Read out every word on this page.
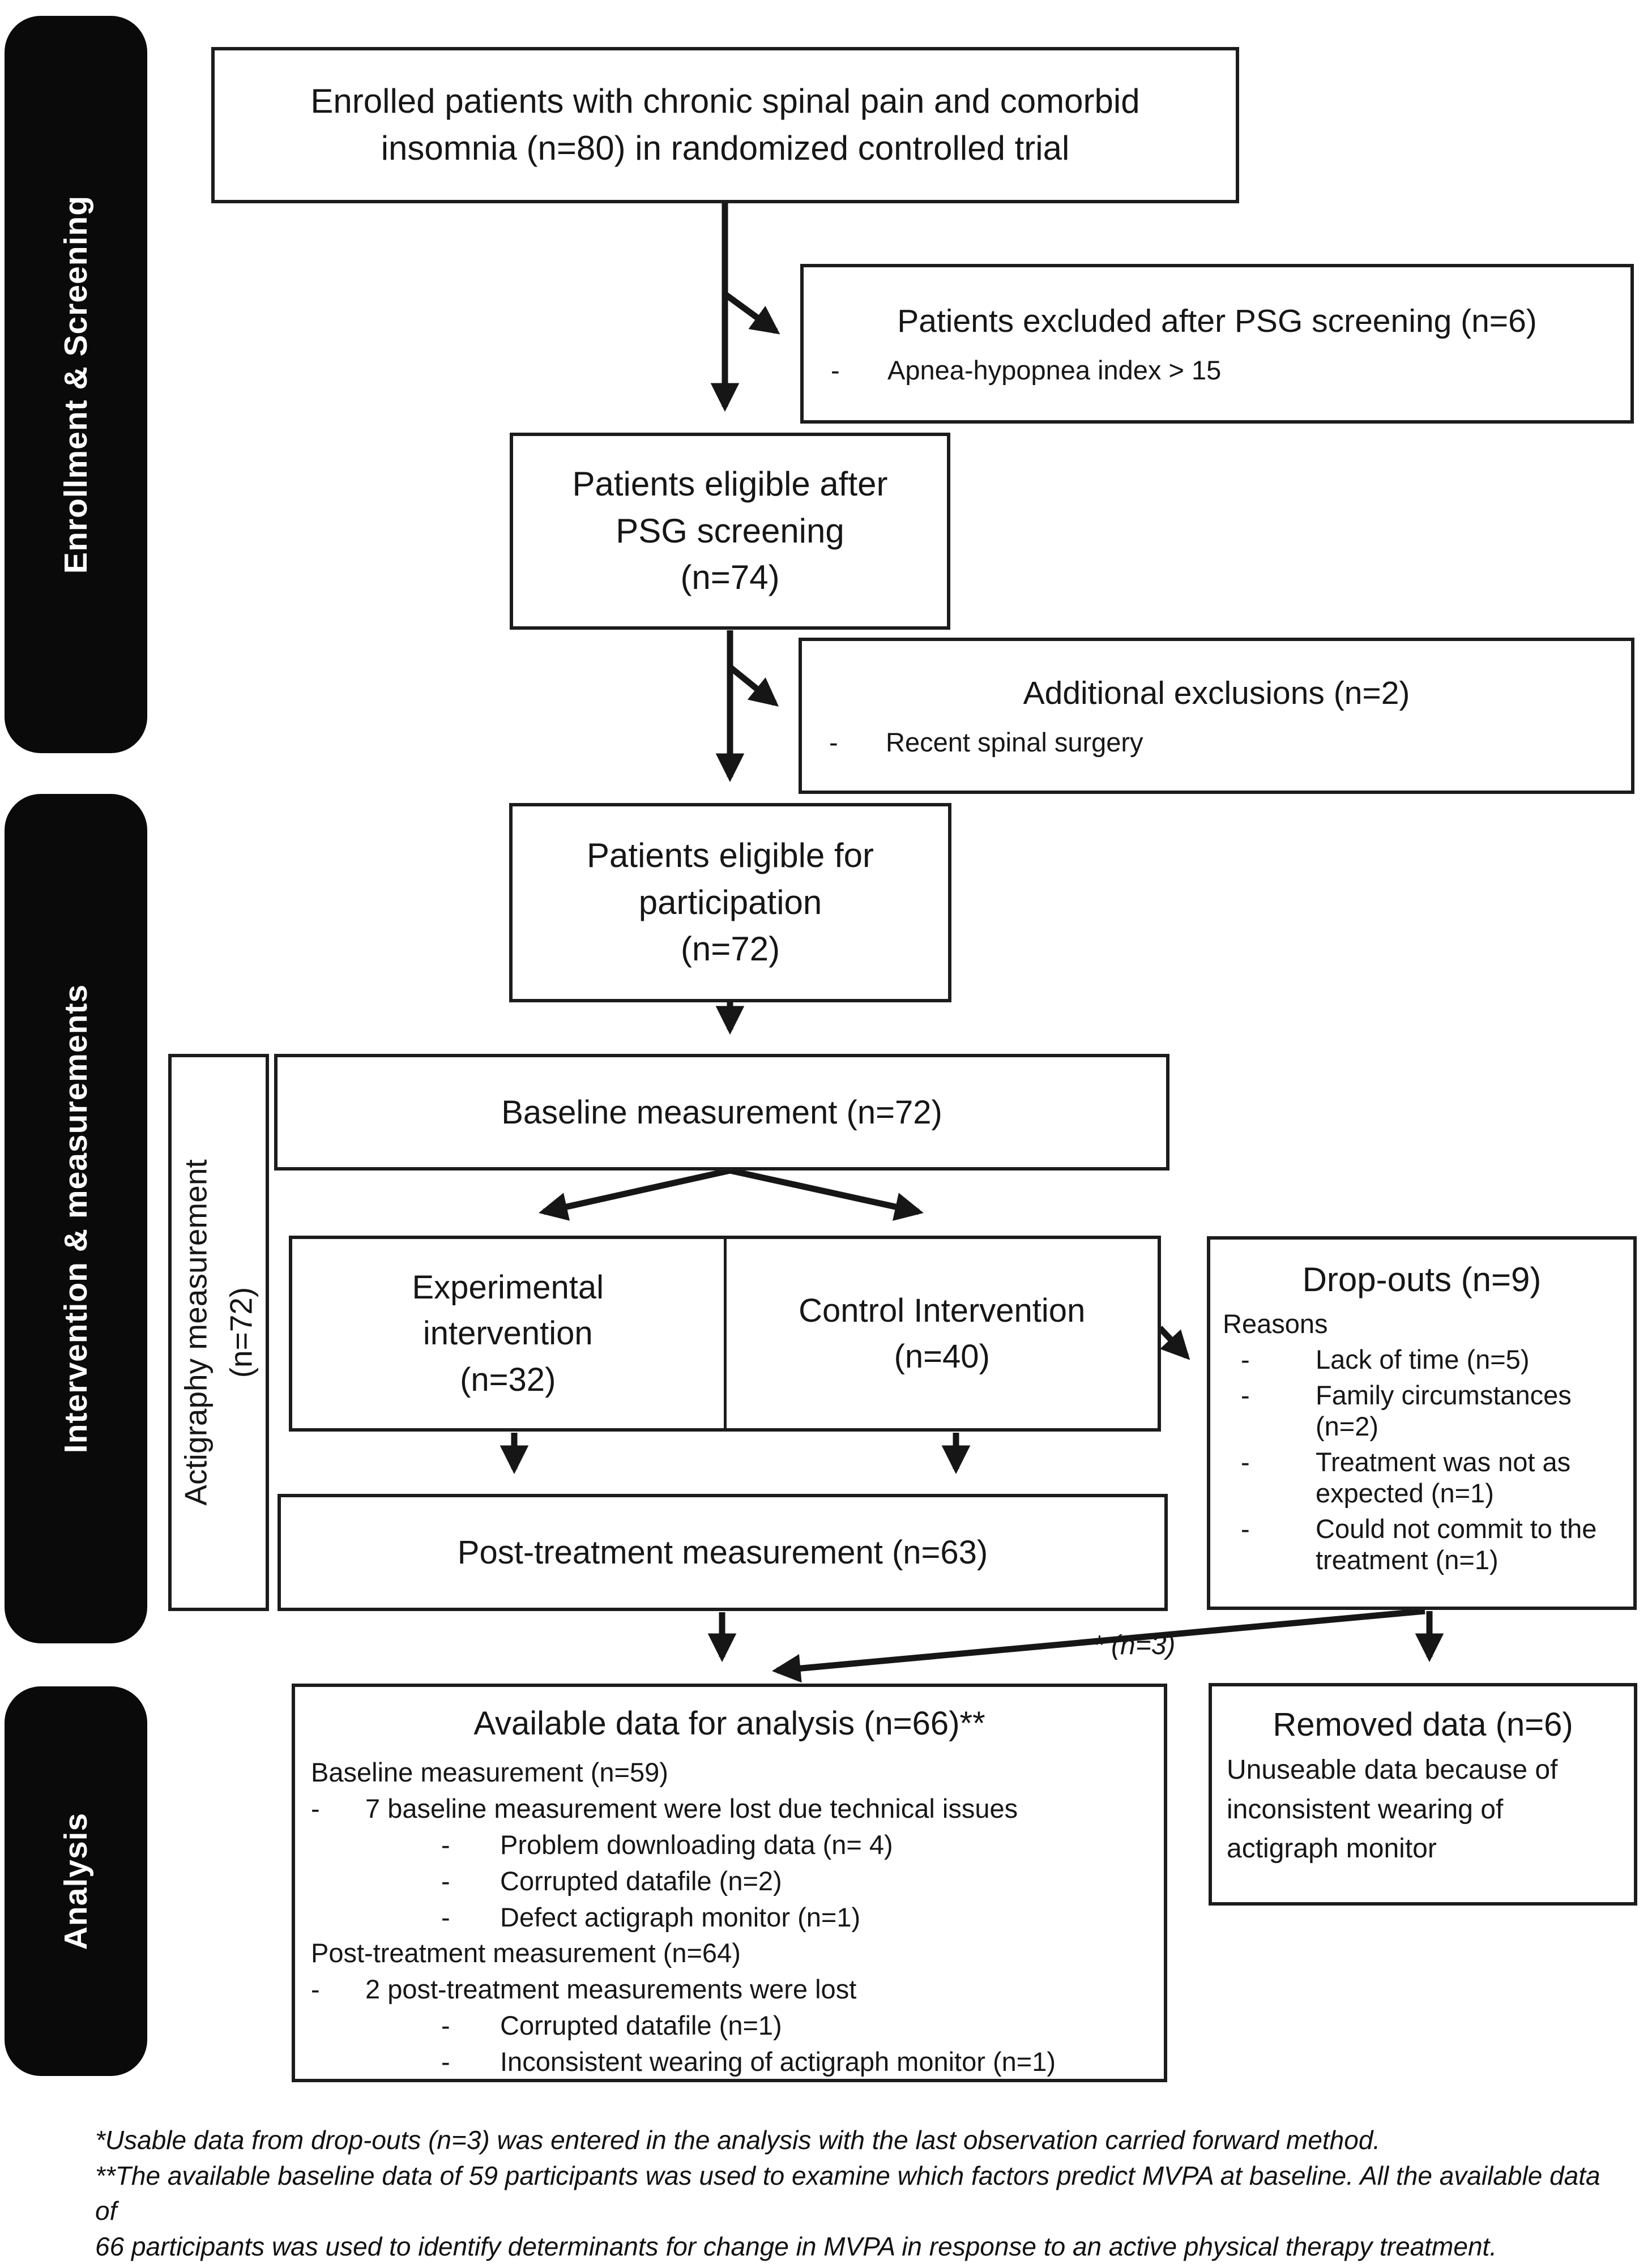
Enrollment & Screening
Intervention & measurements
Analysis
Enrolled patients with chronic spinal pain and comorbid
insomnia (n=80) in randomized controlled trial
Patients excluded after PSG screening (n=6)
-	Apnea-hypopnea index > 15
Patients eligible after
PSG screening
(n=74)
Additional exclusions (n=2)
-	Recent spinal surgery
Patients eligible for
participation
(n=72)
Actigraphy measurement (n=72)
Baseline measurement (n=72)
Experimental
intervention
(n=32)
Control Intervention
(n=40)
Drop-outs (n=9)
Reasons
-	Lack of time (n=5)
-	Family circumstances (n=2)
-	Treatment was not as expected (n=1)
-	Could not commit to the treatment (n=1)
Post-treatment measurement (n=63)
* (n=3)
Available data for analysis (n=66)**
Baseline measurement (n=59)
-	7 baseline measurement were lost due technical issues
-	Problem downloading data (n= 4)
-	Corrupted datafile (n=2)
-	Defect actigraph monitor (n=1)
Post-treatment measurement (n=64)
-	2 post-treatment measurements were lost
-	Corrupted datafile (n=1)
-	Inconsistent wearing of actigraph monitor (n=1)
Removed data (n=6)
Unuseable data because of inconsistent wearing of actigraph monitor
*Usable data from drop-outs (n=3) was entered in the analysis with the last observation carried forward method.
**The available baseline data of 59 participants was used to examine which factors predict MVPA at baseline. All the available data of
66 participants was used to identify determinants for change in MVPA in response to an active physical therapy treatment.
